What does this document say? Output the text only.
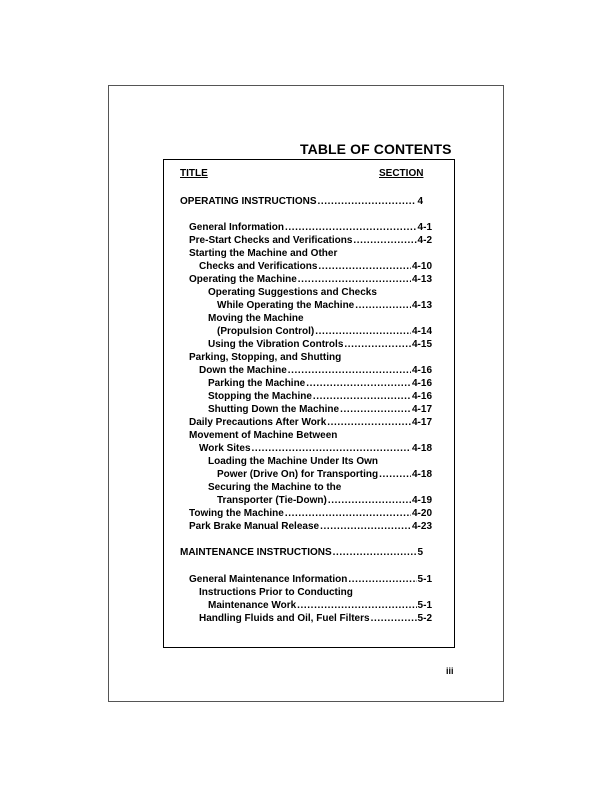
TABLE OF CONTENTS
TITLE	SECTION
OPERATING INSTRUCTIONS .....	4
General Information .....	4-1
Pre-Start Checks and Verifications .....	4-2
Starting the Machine and Other
Checks and Verifications .....	4-10
Operating the Machine .....	4-13
Operating Suggestions and Checks
While Operating the Machine .....	4-13
Moving the Machine
(Propulsion Control) .....	4-14
Using the Vibration Controls .....	4-15
Parking, Stopping, and Shutting
Down the Machine .....	4-16
Parking the Machine .....	4-16
Stopping the Machine .....	4-16
Shutting Down the Machine .....	4-17
Daily Precautions After Work .....	4-17
Movement of Machine Between
Work Sites .....	4-18
Loading the Machine Under Its Own
Power (Drive On) for Transporting .....	4-18
Securing the Machine to the
Transporter (Tie-Down) .....	4-19
Towing the Machine .....	4-20
Park Brake Manual Release .....	4-23
MAINTENANCE INSTRUCTIONS .....	5
General Maintenance Information .....	5-1
Instructions Prior to Conducting
Maintenance Work .....	5-1
Handling Fluids and Oil, Fuel Filters .....	5-2
iii
